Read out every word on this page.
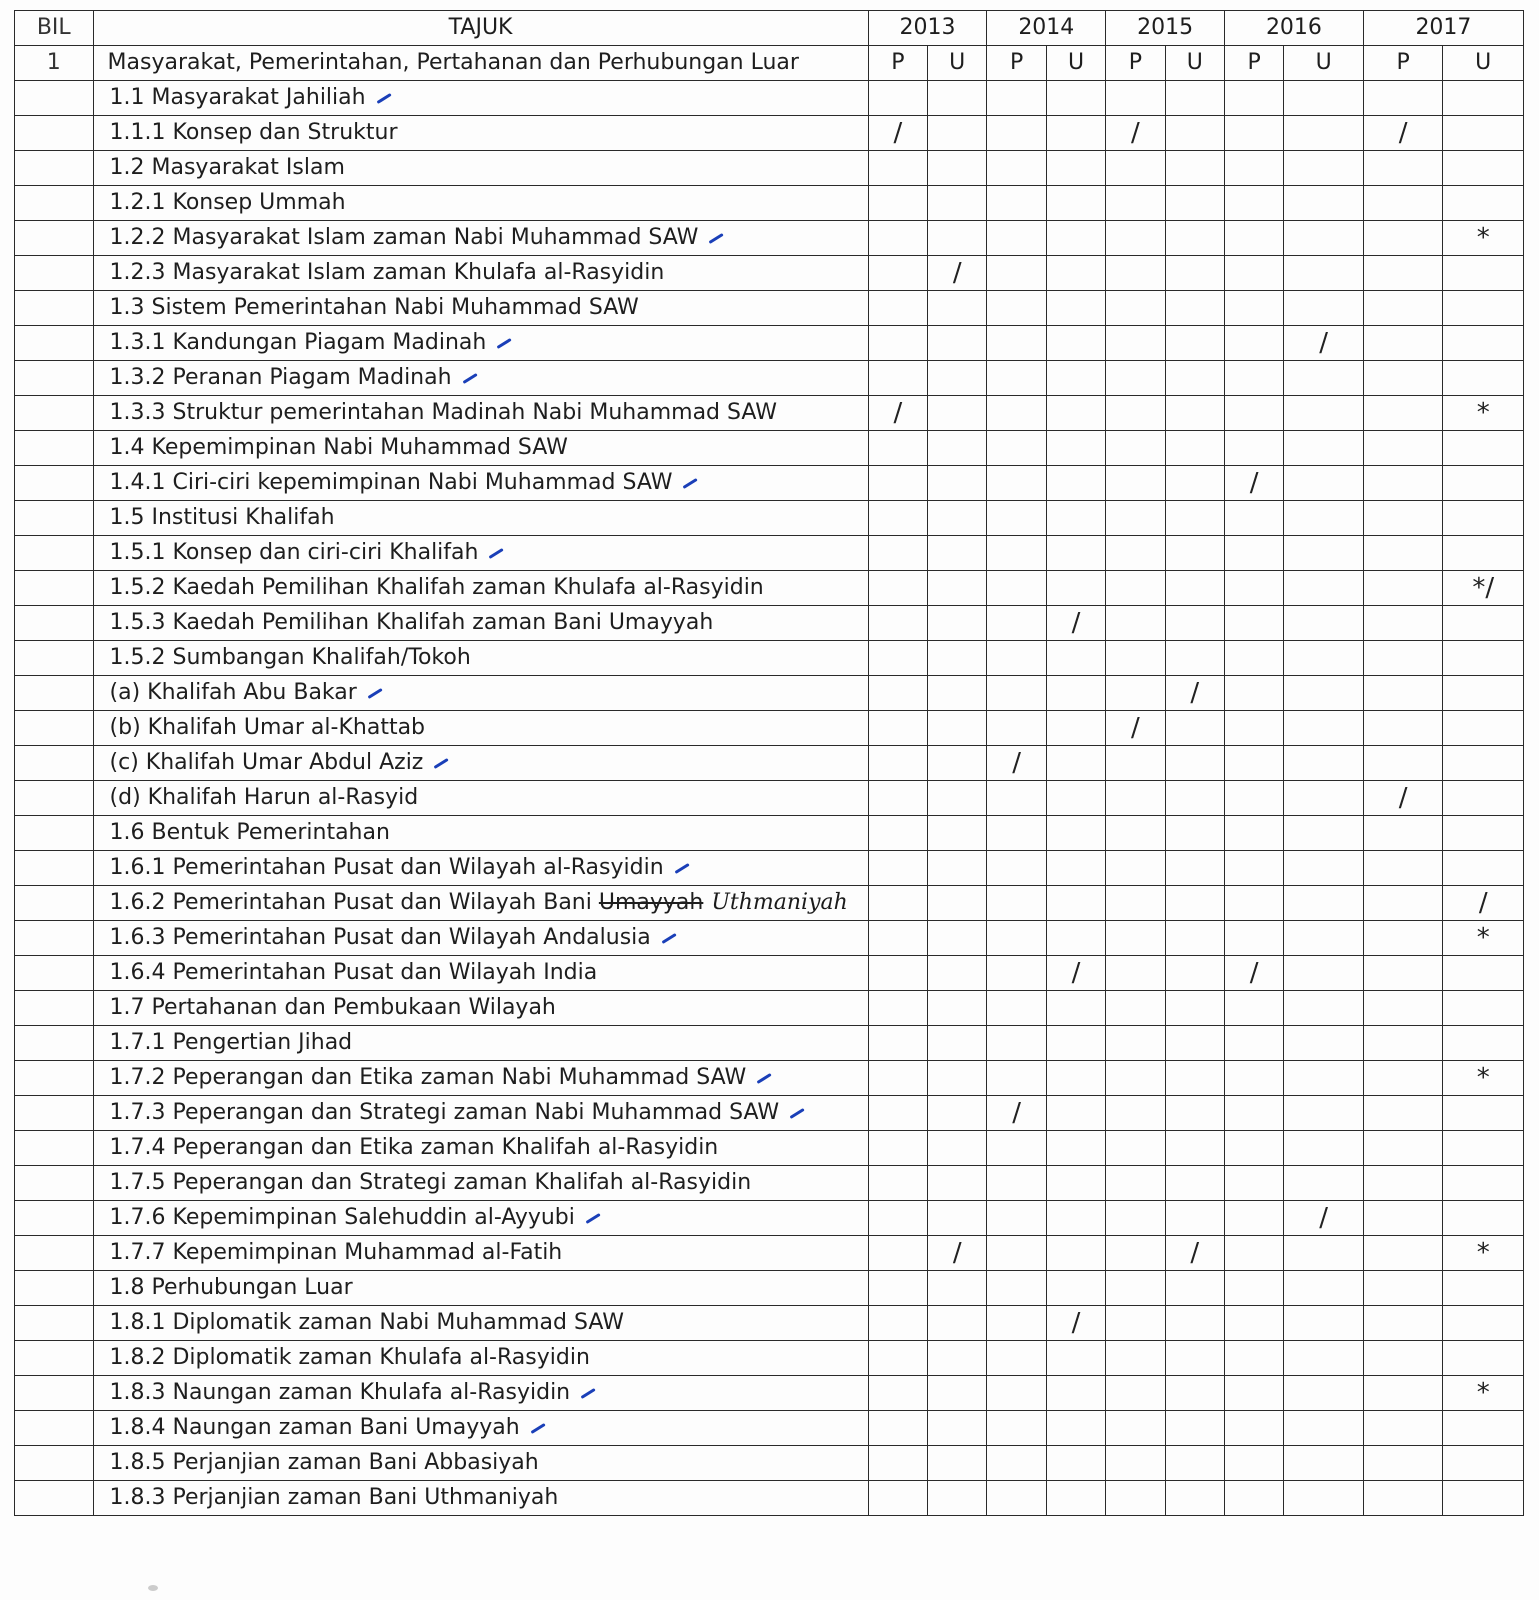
BIL	TAJUK	2013		2014		2015		2016		2017	
1	Masyarakat, Pemerintahan, Pertahanan dan Perhubungan Luar	P	U	P	U	P	U	P	U	P	U
	1.1 Masyarakat Jahiliah										
	1.1.1 Konsep dan Struktur	/				/				/	
	1.2 Masyarakat Islam										
	1.2.1 Konsep Ummah										
	1.2.2 Masyarakat Islam zaman Nabi Muhammad SAW										*
	1.2.3 Masyarakat Islam zaman Khulafa al-Rasyidin		/								
	1.3 Sistem Pemerintahan Nabi Muhammad SAW										
	1.3.1 Kandungan Piagam Madinah								/		
	1.3.2 Peranan Piagam Madinah										
	1.3.3 Struktur pemerintahan Madinah Nabi Muhammad SAW	/									*
	1.4 Kepemimpinan Nabi Muhammad SAW										
	1.4.1 Ciri-ciri kepemimpinan Nabi Muhammad SAW							/			
	1.5 Institusi Khalifah										
	1.5.1 Konsep dan ciri-ciri Khalifah										
	1.5.2 Kaedah Pemilihan Khalifah zaman Khulafa al-Rasyidin										*/
	1.5.3 Kaedah Pemilihan Khalifah zaman Bani Umayyah				/						
	1.5.2 Sumbangan Khalifah/Tokoh										
	(a) Khalifah Abu Bakar						/				
	(b) Khalifah Umar al-Khattab					/					
	(c) Khalifah Umar Abdul Aziz			/							
	(d) Khalifah Harun al-Rasyid									/	
	1.6 Bentuk Pemerintahan										
	1.6.1 Pemerintahan Pusat dan Wilayah al-Rasyidin										
	1.6.2 Pemerintahan Pusat dan Wilayah Bani Umayyah Uthmaniyah										/
	1.6.3 Pemerintahan Pusat dan Wilayah Andalusia										*
	1.6.4 Pemerintahan Pusat dan Wilayah India				/			/			
	1.7 Pertahanan dan Pembukaan Wilayah										
	1.7.1 Pengertian Jihad										
	1.7.2 Peperangan dan Etika zaman Nabi Muhammad SAW										*
	1.7.3 Peperangan dan Strategi zaman Nabi Muhammad SAW			/							
	1.7.4 Peperangan dan Etika zaman Khalifah al-Rasyidin										
	1.7.5 Peperangan dan Strategi zaman Khalifah al-Rasyidin										
	1.7.6 Kepemimpinan Salehuddin al-Ayyubi								/		
	1.7.7 Kepemimpinan Muhammad al-Fatih		/				/				*
	1.8 Perhubungan Luar										
	1.8.1 Diplomatik zaman Nabi Muhammad SAW				/						
	1.8.2 Diplomatik zaman Khulafa al-Rasyidin										
	1.8.3 Naungan zaman Khulafa al-Rasyidin										*
	1.8.4 Naungan zaman Bani Umayyah										
	1.8.5 Perjanjian zaman Bani Abbasiyah										
	1.8.3 Perjanjian zaman Bani Uthmaniyah										
